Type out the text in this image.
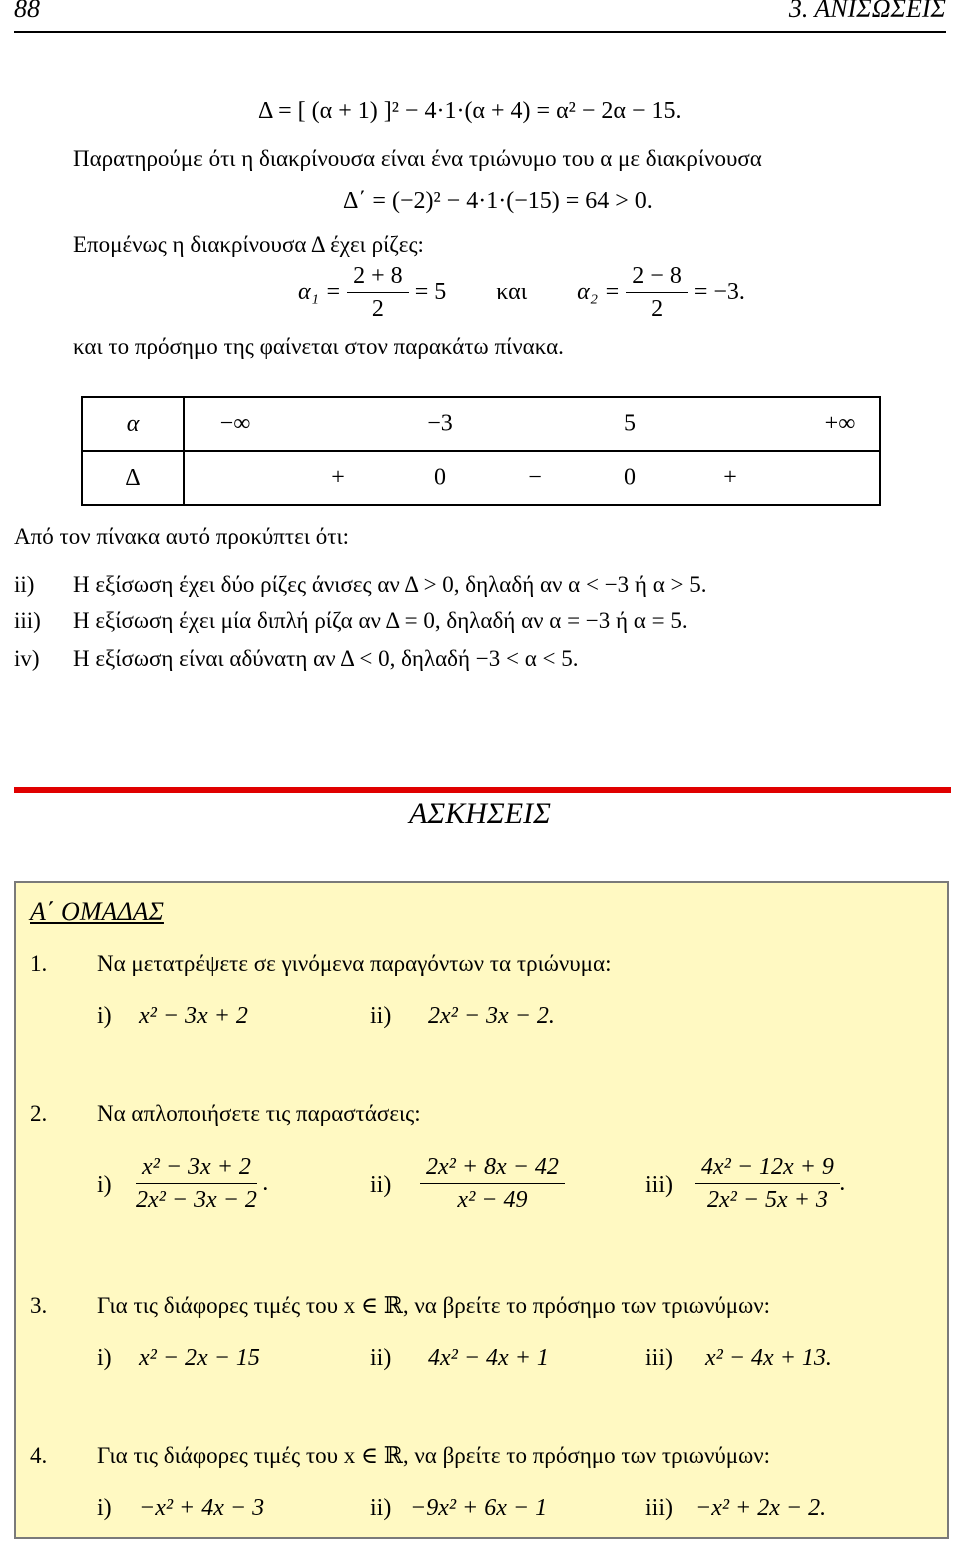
88	3. ΑΝΙΣΩΣΕΙΣ
Δ = [ (α + 1) ]² − 4·1·(α + 4) = α² − 2α − 15.
Παρατηρούμε ότι η διακρίνουσα είναι ένα τριώνυμο του α με διακρίνουσα
Δ΄ = (−2)² − 4·1·(−15) = 64 > 0.
Επομένως η διακρίνουσα Δ έχει ρίζες:
$\alpha_1 = \frac{2 + 8}{2} = 5$ και $\alpha_2 = \frac{2 - 8}{2} = -3$.
και το πρόσημο της φαίνεται στον παρακάτω πίνακα.
α	−∞ −3 5 +∞

Δ	+ 0 − 0 +
Από τον πίνακα αυτό προκύπτει ότι:
ii) Η εξίσωση έχει δύο ρίζες άνισες αν Δ > 0, δηλαδή αν α < −3 ή α > 5.
iii) Η εξίσωση έχει μία διπλή ρίζα αν Δ = 0, δηλαδή αν α = −3 ή α = 5.
iv) Η εξίσωση είναι αδύνατη αν Δ < 0, δηλαδή −3 < α < 5.
ΑΣΚΗΣΕΙΣ
Α΄ ΟΜΑΔΑΣ
1. Να μετατρέψετε σε γινόμενα παραγόντων τα τριώνυμα:
i) x² − 3x + 2	ii) 2x² − 3x − 2.
2. Να απλοποιήσετε τις παραστάσεις:
$i) \frac{\text{x² − 3x + 2}}{\text{2x² − 3x − 2}}$ .	$ii) \frac{\text{2x² + 8x − 42}}{\text{x² − 49}}$	$iii) \frac{\text{4x² − 12x + 9}}{\text{2x² − 5x + 3}}$ .
3. Για τις διάφορες τιμές του x ∈ ℝ, να βρείτε το πρόσημο των τριωνύμων:
i) x² − 2x − 15	ii) 4x² − 4x + 1	iii) x² − 4x + 13.
4. Για τις διάφορες τιμές του x ∈ ℝ, να βρείτε το πρόσημο των τριωνύμων:
i) −x² + 4x − 3	ii) −9x² + 6x − 1	iii) −x² + 2x − 2.
